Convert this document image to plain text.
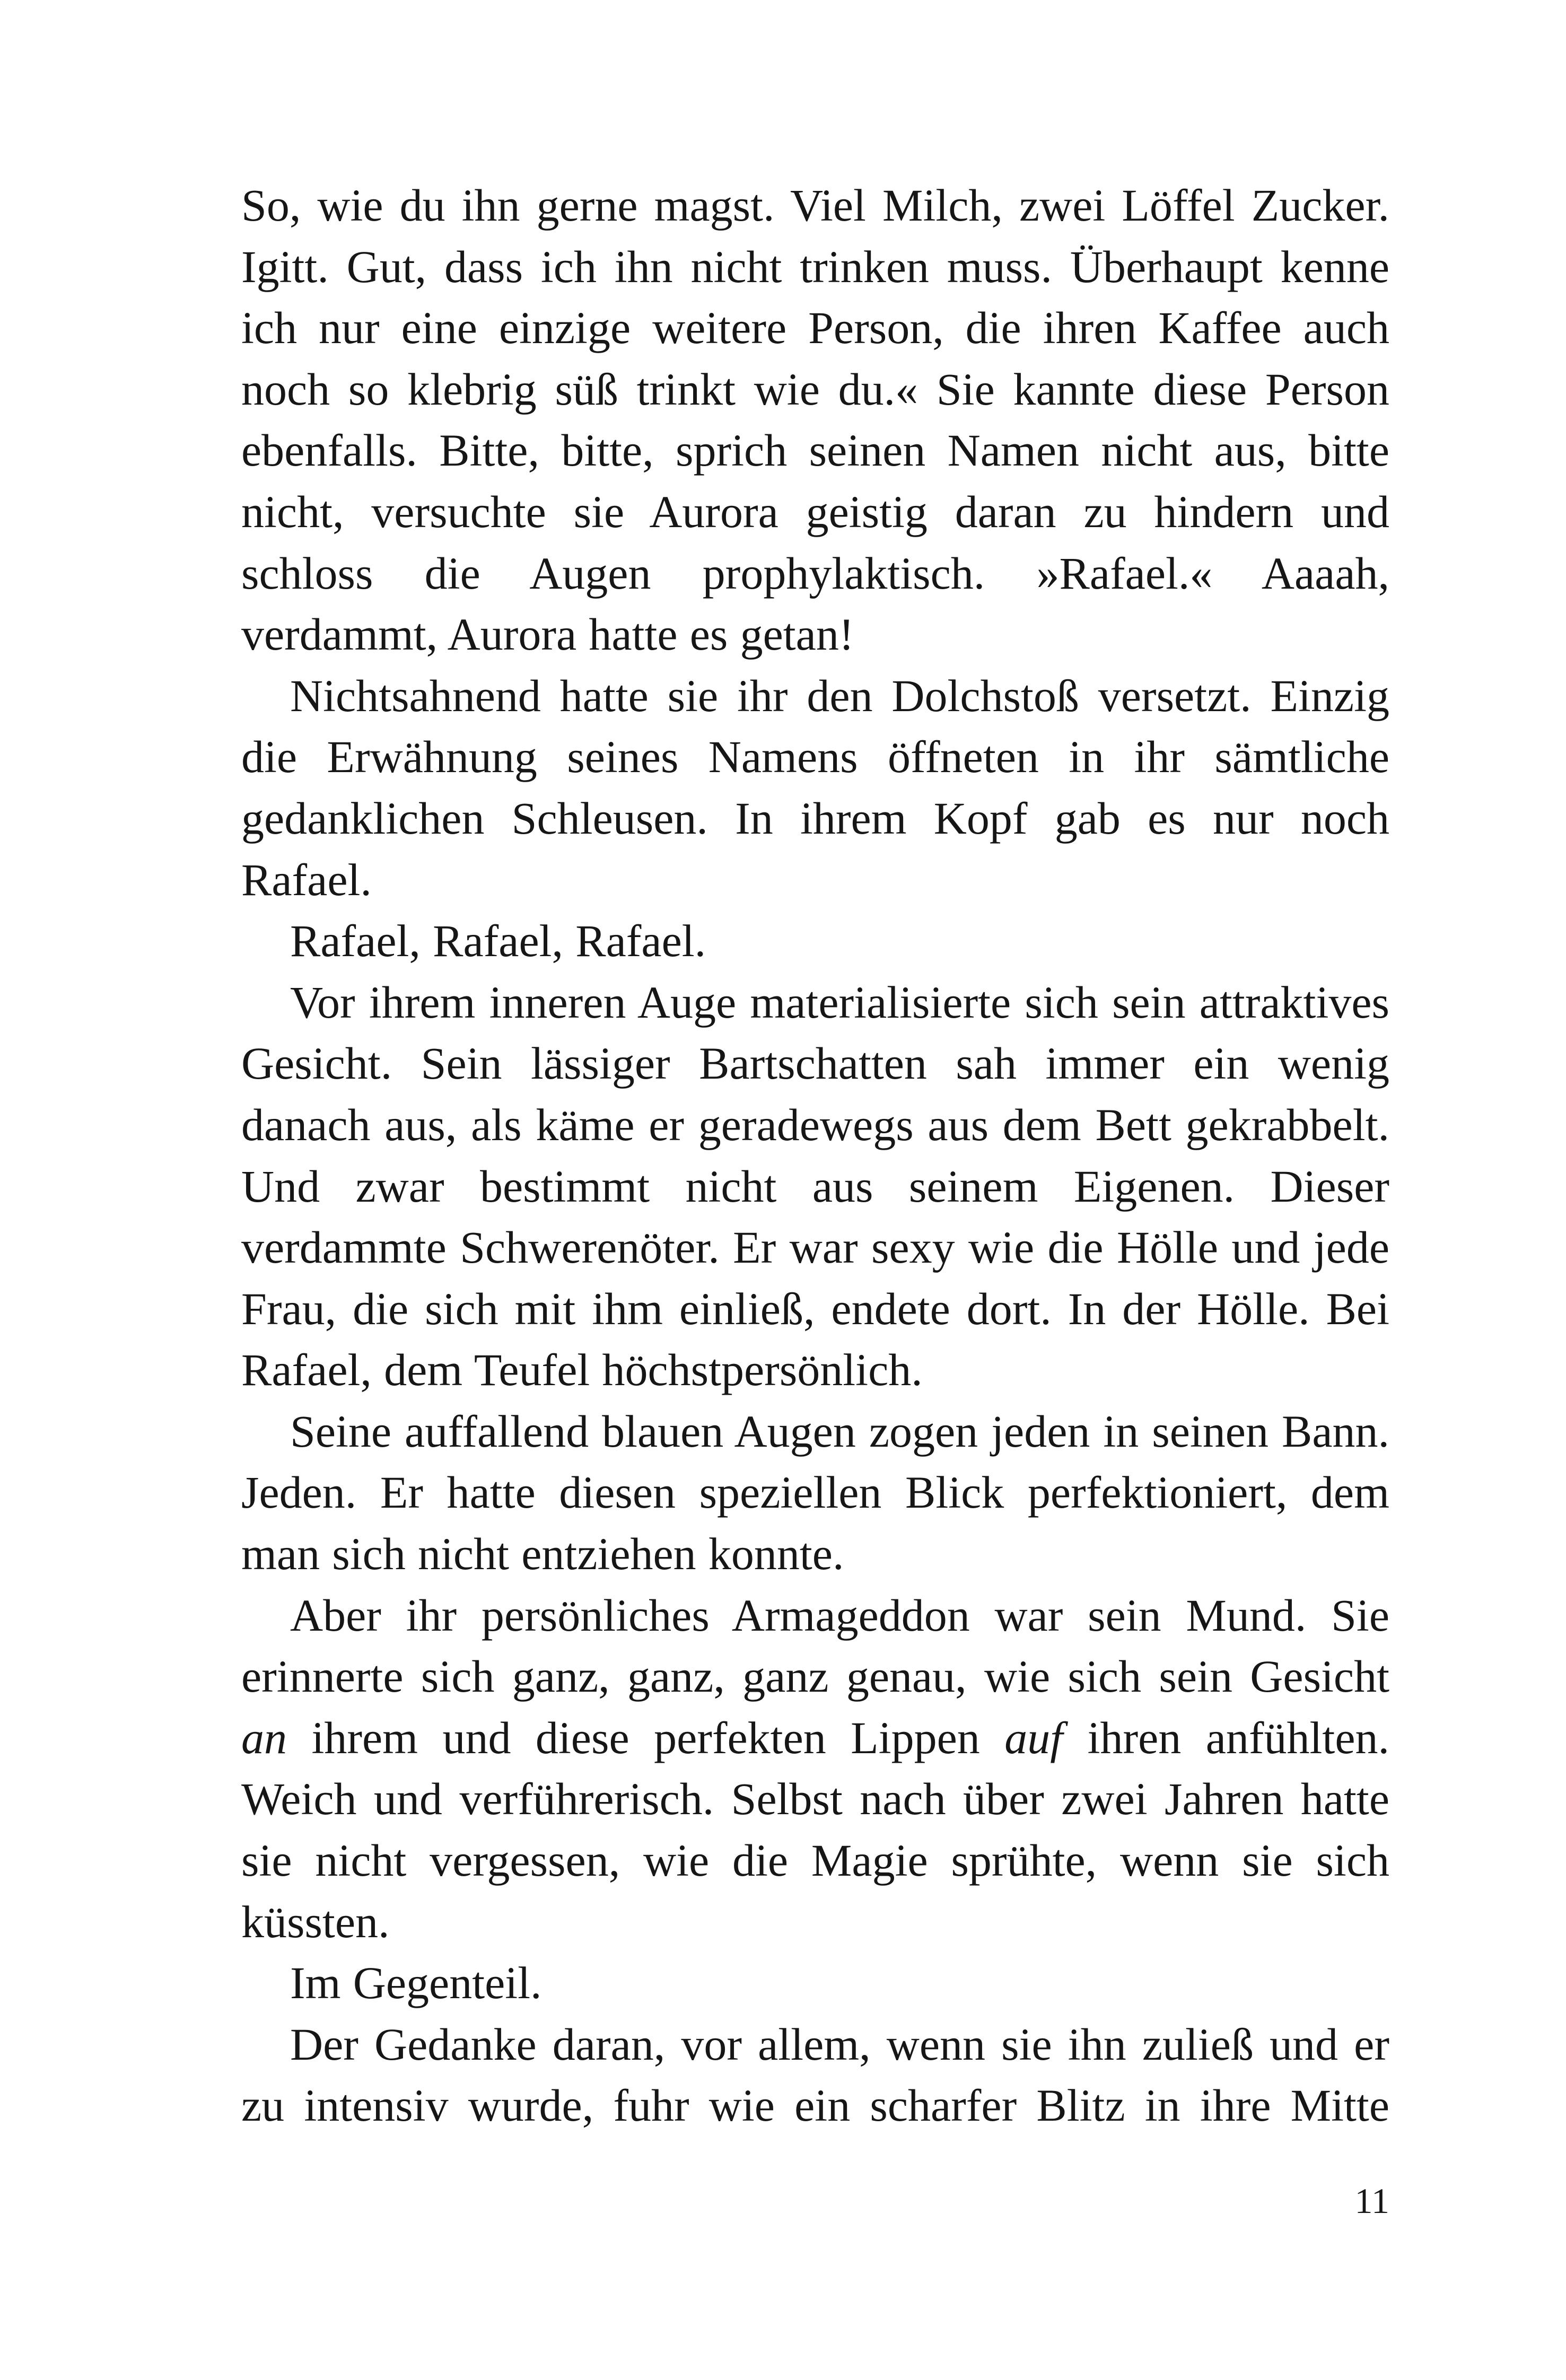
So, wie du ihn gerne magst. Viel Milch, zwei Löffel Zucker. Igitt. Gut, dass ich ihn nicht trinken muss. Überhaupt kenne ich nur eine einzige weitere Person, die ihren Kaffee auch noch so klebrig süß trinkt wie du.« Sie kannte diese Person ebenfalls. Bitte, bitte, sprich seinen Namen nicht aus, bitte nicht, versuchte sie Aurora geistig daran zu hindern und schloss die Augen prophylaktisch. »Rafael.« Aaaah, verdammt, Aurora hatte es getan!

Nichtsahnend hatte sie ihr den Dolchstoß versetzt. Einzig die Erwähnung seines Namens öffneten in ihr sämtliche gedanklichen Schleusen. In ihrem Kopf gab es nur noch Rafael.

Rafael, Rafael, Rafael.

Vor ihrem inneren Auge materialisierte sich sein attraktives Gesicht. Sein lässiger Bartschatten sah immer ein wenig danach aus, als käme er geradewegs aus dem Bett gekrabbelt. Und zwar bestimmt nicht aus seinem Eigenen. Dieser verdammte Schwerenöter. Er war sexy wie die Hölle und jede Frau, die sich mit ihm einließ, endete dort. In der Hölle. Bei Rafael, dem Teufel höchstpersönlich.

Seine auffallend blauen Augen zogen jeden in seinen Bann. Jeden. Er hatte diesen speziellen Blick perfektioniert, dem man sich nicht entziehen konnte.

Aber ihr persönliches Armageddon war sein Mund. Sie erinnerte sich ganz, ganz, ganz genau, wie sich sein Gesicht an ihrem und diese perfekten Lippen auf ihren anfühlten. Weich und verführerisch. Selbst nach über zwei Jahren hatte sie nicht vergessen, wie die Magie sprühte, wenn sie sich küssten.

Im Gegenteil.

Der Gedanke daran, vor allem, wenn sie ihn zuließ und er zu intensiv wurde, fuhr wie ein scharfer Blitz in ihre Mitte

11
